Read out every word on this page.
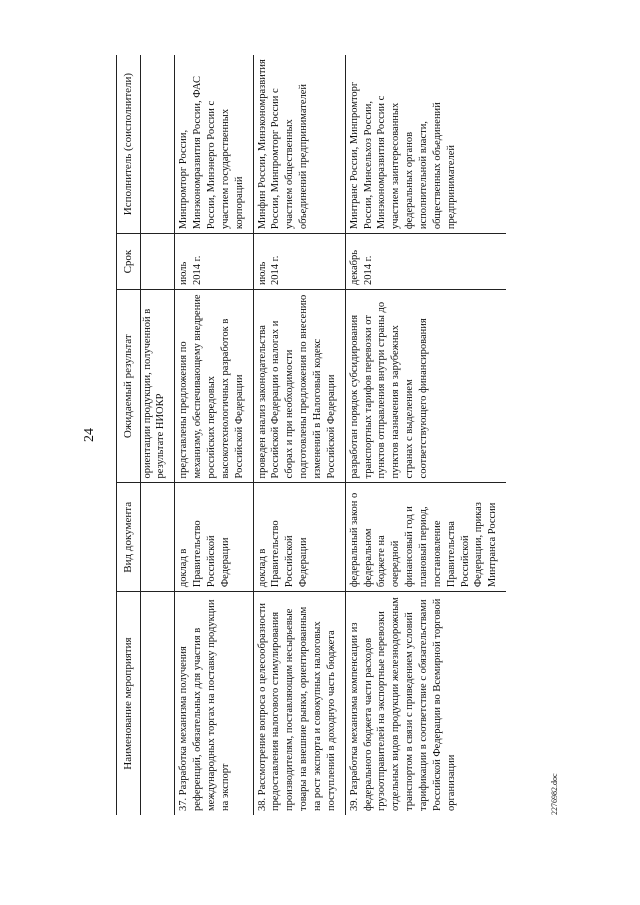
24
Наименование мероприятия	Вид документа	Ожидаемый результат	Срок	Исполнитель (соисполнители)
		ориентации продукции, полученной в результате НИОКР		
37. Разработка механизма получения референций, обязательных для участия в международных торгах на поставку продукции на экспорт	доклад в Правительство Российской Федерации	представлены предложения по механизму, обеспечивающему внедрение российских передовых высокотехнологичных разработок в Российской Федерации	июль 2014 г.	Минпромторг России, Минэкономразвития России, ФАС России, Минэнерго России с участием государственных корпораций
38. Рассмотрение вопроса о целесообразности предоставления налогового стимулирования производителям, поставляющим несырьевые товары на внешние рынки, ориентированным на рост экспорта и совокупных налоговых поступлений в доходную часть бюджета	доклад в Правительство Российской Федерации	проведен анализ законодательства Российской Федерации о налогах и сборах и при необходимости подготовлены предложения по внесению изменений в Налоговый кодекс Российской Федерации	июль 2014 г.	Минфин России, Минэкономразвития России, Минпромторг России с участием общественных объединений предпринимателей
39. Разработка механизма компенсации из федерального бюджета части расходов грузоотправителей на экспортные перевозки отдельных видов продукции железнодорожным транспортом в связи с приведением условий тарификации в соответствие с обязательствами Российской Федерации во Всемирной торговой организации	федеральный закон о федеральном бюджете на очередной финансовый год и плановый период, постановление Правительства Российской Федерации, приказ Минтранса России	разработан порядок субсидирования транспортных тарифов перевозки от пунктов отправления внутри страны до пунктов назначения в зарубежных странах с выделением соответствующего финансирования	декабрь 2014 г.	Минтранс России, Минпромторг России, Минсельхоз России, Минэкономразвития России с участием заинтересованных федеральных органов исполнительной власти, общественных объединений предпринимателей
2276982.doc
